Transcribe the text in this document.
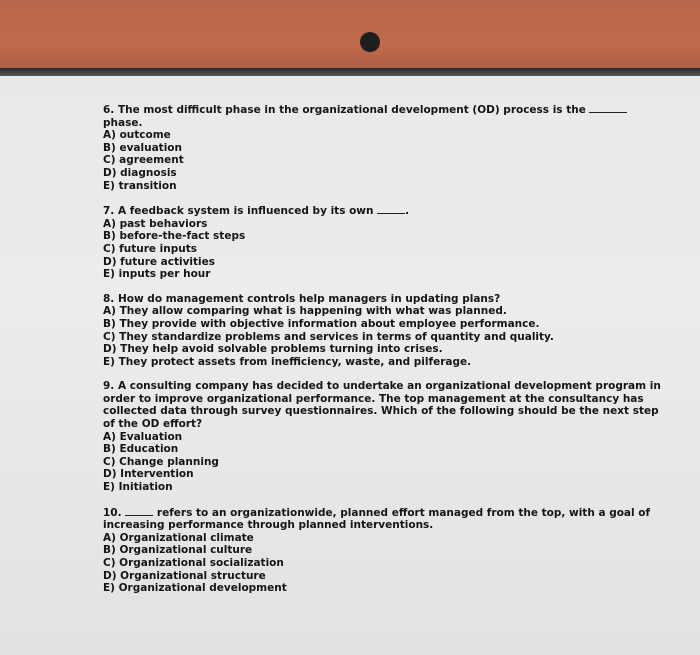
6. The most difficult phase in the organizational development (OD) process is the  phase.
A) outcome
B) evaluation
C) agreement
D) diagnosis
E) transition
7. A feedback system is influenced by its own	.
A) past behaviors
B) before-the-fact steps
C) future inputs
D) future activities
E) inputs per hour
8. How do management controls help managers in updating plans?
A) They allow comparing what is happening with what was planned.
B) They provide with objective information about employee performance.
C) They standardize problems and services in terms of quantity and quality.
D) They help avoid solvable problems turning into crises.
E) They protect assets from inefficiency, waste, and pilferage.
9. A consulting company has decided to undertake an organizational development program in order to improve organizational performance. The top management at the consultancy has collected data through survey questionnaires. Which of the following should be the next step of the OD effort?
A) Evaluation
B) Education
C) Change planning
D) Intervention
E) Initiation
10.	refers to an organizationwide, planned effort managed from the top, with a goal of increasing performance through planned interventions.
A) Organizational climate
B) Organizational culture
C) Organizational socialization
D) Organizational structure
E) Organizational development
